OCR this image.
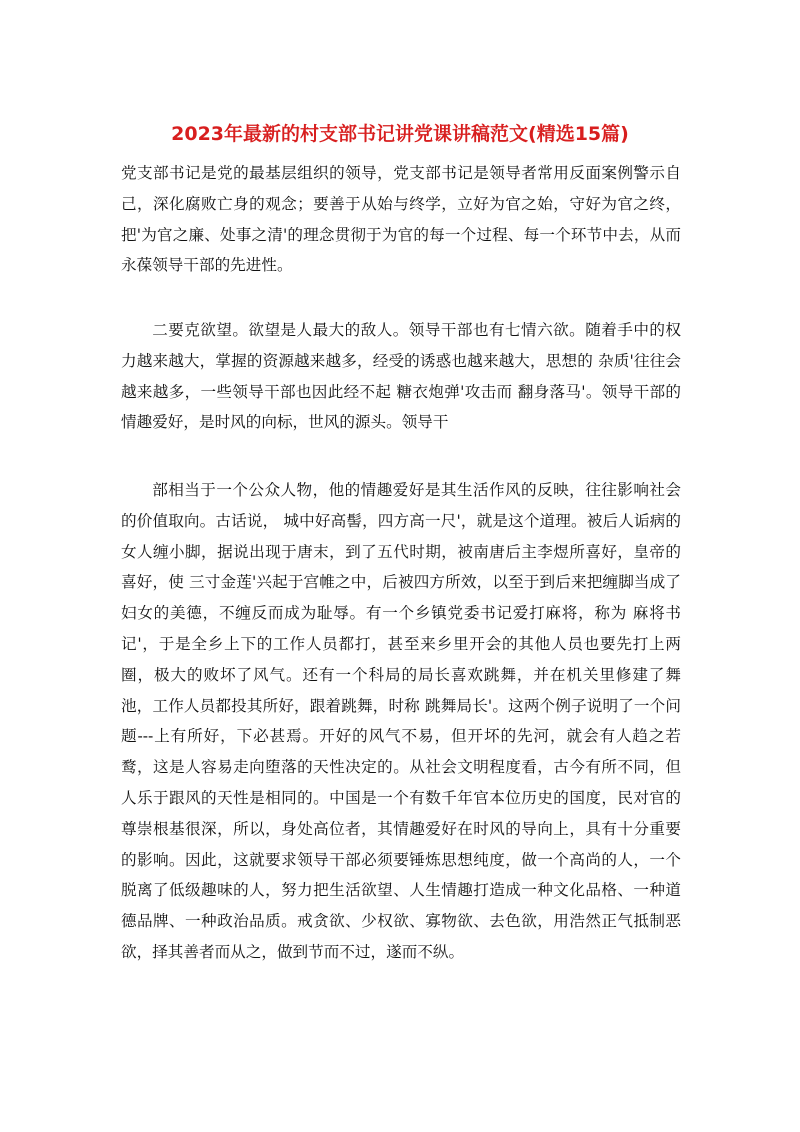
2023年最新的村支部书记讲党课讲稿范文(精选15篇)

党支部书记是党的最基层组织的领导，党支部书记是领导者常用反面案例警示自己，深化腐败亡身的观念；要善于从始与终学，立好为官之始，守好为官之终，把'为官之廉、处事之清'的理念贯彻于为官的每一个过程、每一个环节中去，从而永葆领导干部的先进性。

二要克欲望。欲望是人最大的敌人。领导干部也有七情六欲。随着手中的权力越来越大，掌握的资源越来越多，经受的诱惑也越来越大，思想的 杂质'往往会越来越多，一些领导干部也因此经不起 糖衣炮弹'攻击而 翻身落马'。领导干部的情趣爱好，是时风的向标，世风的源头。领导干

部相当于一个公众人物，他的情趣爱好是其生活作风的反映，往往影响社会的价值取向。古话说， 城中好高髻，四方高一尺'，就是这个道理。被后人诟病的女人缠小脚，据说出现于唐末，到了五代时期，被南唐后主李煜所喜好，皇帝的喜好，使 三寸金莲'兴起于宫帷之中，后被四方所效，以至于到后来把缠脚当成了妇女的美德，不缠反而成为耻辱。有一个乡镇党委书记爱打麻将，称为 麻将书记'，于是全乡上下的工作人员都打，甚至来乡里开会的其他人员也要先打上两圈，极大的败坏了风气。还有一个科局的局长喜欢跳舞，并在机关里修建了舞池，工作人员都投其所好，跟着跳舞，时称 跳舞局长'。这两个例子说明了一个问题---上有所好，下必甚焉。开好的风气不易，但开坏的先河，就会有人趋之若鹜，这是人容易走向堕落的天性决定的。从社会文明程度看，古今有所不同，但人乐于跟风的天性是相同的。中国是一个有数千年官本位历史的国度，民对官的尊崇根基很深，所以，身处高位者，其情趣爱好在时风的导向上，具有十分重要的影响。因此，这就要求领导干部必须要锤炼思想纯度，做一个高尚的人，一个脱离了低级趣味的人，努力把生活欲望、人生情趣打造成一种文化品格、一种道德品牌、一种政治品质。戒贪欲、少权欲、寡物欲、去色欲，用浩然正气抵制恶欲，择其善者而从之，做到节而不过，遂而不纵。
